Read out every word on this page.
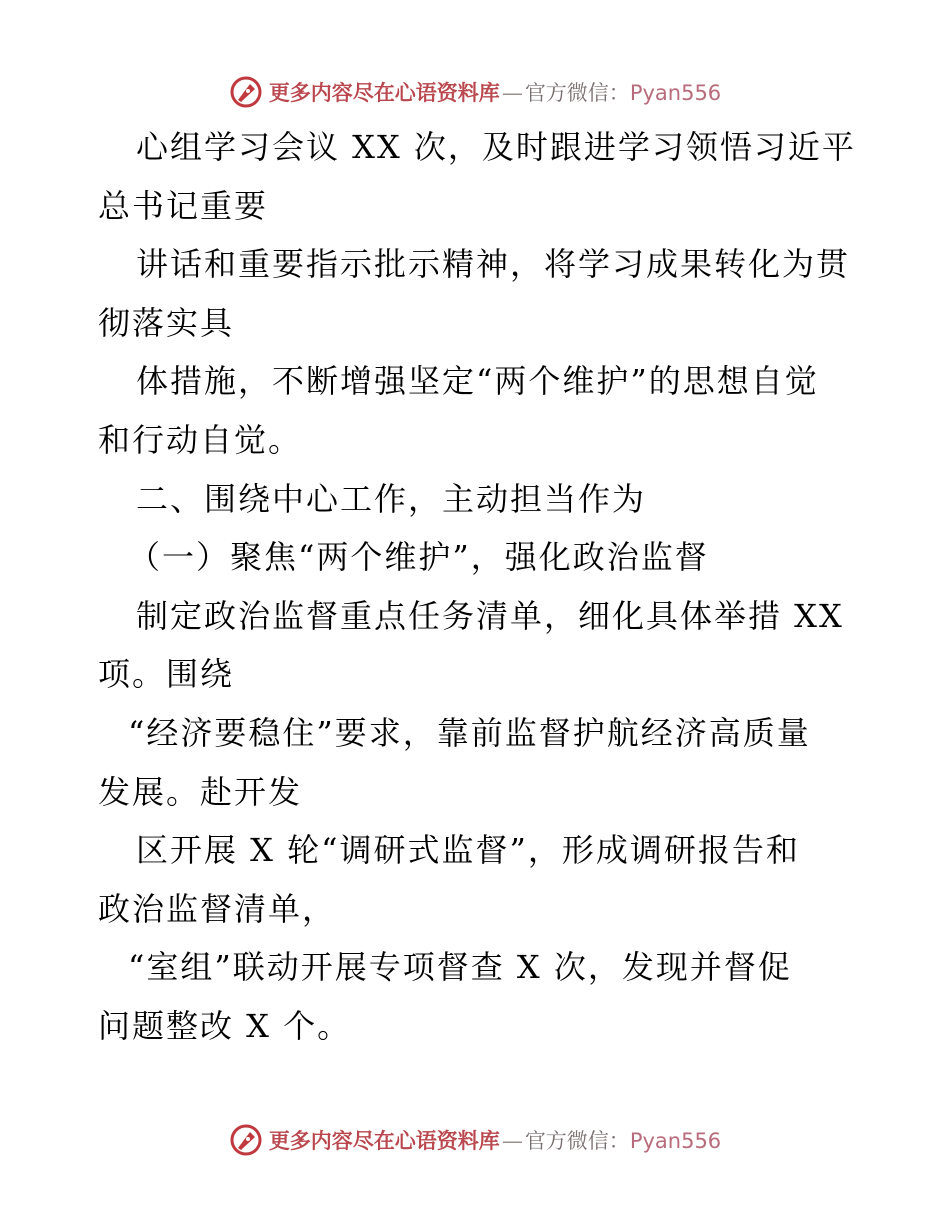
更多内容尽在心语资料库 — 官方微信： Pyan556
心组学习会议 XX 次，及时跟进学习领悟习近平
总书记重要
讲话和重要指示批示精神，将学习成果转化为贯
彻落实具
体措施，不断增强坚定“两个维护”的思想自觉
和行动自觉。
二、围绕中心工作，主动担当作为
（一）聚焦“两个维护”，强化政治监督
制定政治监督重点任务清单，细化具体举措 XX
项。围绕
“经济要稳住”要求，靠前监督护航经济高质量
发展。赴开发
区开展 X 轮“调研式监督”，形成调研报告和
政治监督清单，
“室组”联动开展专项督查 X 次，发现并督促
问题整改 X 个。
更多内容尽在心语资料库 — 官方微信： Pyan556
